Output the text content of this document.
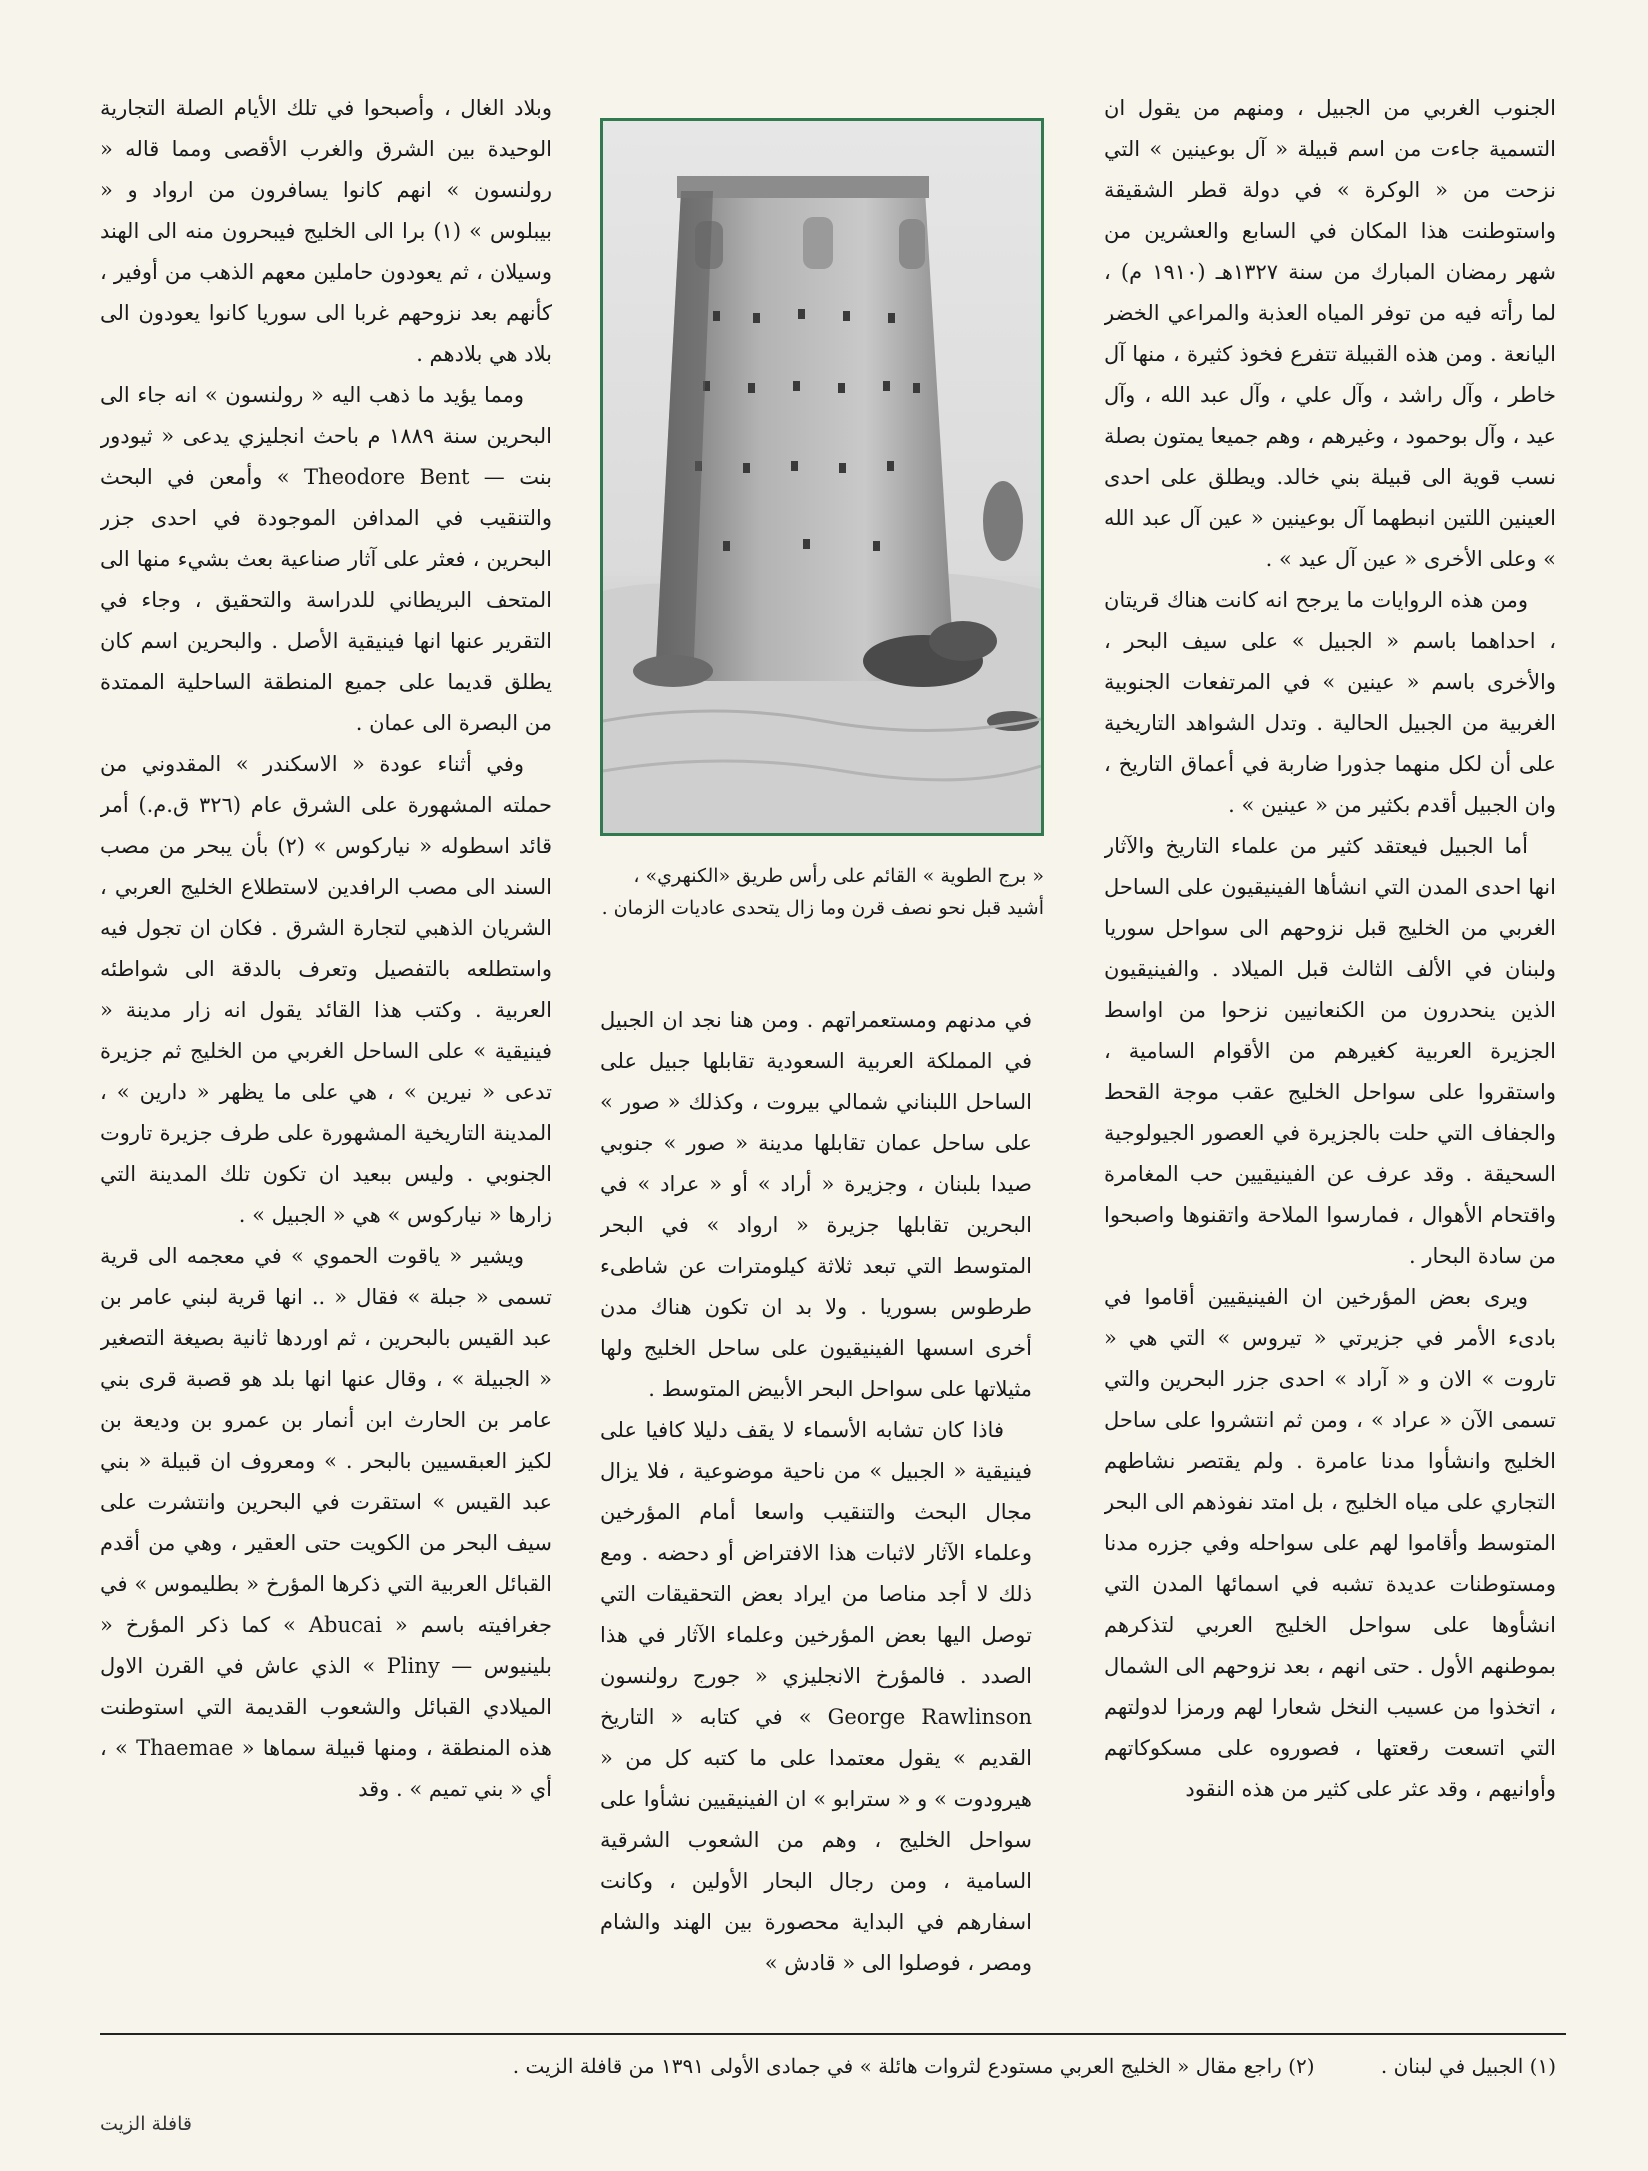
الجنوب الغربي من الجبيل ، ومنهم من يقول ان التسمية جاءت من اسم قبيلة « آل بوعينين » التي نزحت من « الوكرة » في دولة قطر الشقيقة واستوطنت هذا المكان في السابع والعشرين من شهر رمضان المبارك من سنة ١٣٢٧هـ (١٩١٠ م) ، لما رأته فيه من توفر المياه العذبة والمراعي الخضر اليانعة . ومن هذه القبيلة تتفرع فخوذ كثيرة ، منها آل خاطر ، وآل راشد ، وآل علي ، وآل عبد الله ، وآل عيد ، وآل بوحمود ، وغيرهم ، وهم جميعا يمتون بصلة نسب قوية الى قبيلة بني خالد. ويطلق على احدى العينين اللتين انبطهما آل بوعينين « عين آل عبد الله » وعلى الأخرى « عين آل عيد » .

ومن هذه الروايات ما يرجح انه كانت هناك قريتان ، احداهما باسم « الجبيل » على سيف البحر ، والأخرى باسم « عينين » في المرتفعات الجنوبية الغربية من الجبيل الحالية . وتدل الشواهد التاريخية على أن لكل منهما جذورا ضاربة في أعماق التاريخ ، وان الجبيل أقدم بكثير من « عينين » .

أما الجبيل فيعتقد كثير من علماء التاريخ والآثار انها احدى المدن التي انشأها الفينيقيون على الساحل الغربي من الخليج قبل نزوحهم الى سواحل سوريا ولبنان في الألف الثالث قبل الميلاد . والفينيقيون الذين ينحدرون من الكنعانيين نزحوا من اواسط الجزيرة العربية كغيرهم من الأقوام السامية ، واستقروا على سواحل الخليج عقب موجة القحط والجفاف التي حلت بالجزيرة في العصور الجيولوجية السحيقة . وقد عرف عن الفينيقيين حب المغامرة واقتحام الأهوال ، فمارسوا الملاحة واتقنوها واصبحوا من سادة البحار .

ويرى بعض المؤرخين ان الفينيقيين أقاموا في بادىء الأمر في جزيرتي « تيروس » التي هي « تاروت » الان و « آراد » احدى جزر البحرين والتي تسمى الآن « عراد » ، ومن ثم انتشروا على ساحل الخليج وانشأوا مدنا عامرة . ولم يقتصر نشاطهم التجاري على مياه الخليج ، بل امتد نفوذهم الى البحر المتوسط وأقاموا لهم على سواحله وفي جزره مدنا ومستوطنات عديدة تشبه في اسمائها المدن التي انشأوها على سواحل الخليج العربي لتذكرهم بموطنهم الأول . حتى انهم ، بعد نزوحهم الى الشمال ، اتخذوا من عسيب النخل شعارا لهم ورمزا لدولتهم التي اتسعت رقعتها ، فصوروه على مسكوكاتهم وأوانيهم ، وقد عثر على كثير من هذه النقود

« برج الطوية » القائم على رأس طريق «الكنهري» ، أشيد قبل نحو نصف قرن وما زال يتحدى عاديات الزمان .

في مدنهم ومستعمراتهم . ومن هنا نجد ان الجبيل في المملكة العربية السعودية تقابلها جبيل على الساحل اللبناني شمالي بيروت ، وكذلك « صور » على ساحل عمان تقابلها مدينة « صور » جنوبي صيدا بلبنان ، وجزيرة « أراد » أو « عراد » في البحرين تقابلها جزيرة « ارواد » في البحر المتوسط التي تبعد ثلاثة كيلومترات عن شاطىء طرطوس بسوريا . ولا بد ان تكون هناك مدن أخرى اسسها الفينيقيون على ساحل الخليج ولها مثيلاتها على سواحل البحر الأبيض المتوسط .

فاذا كان تشابه الأسماء لا يقف دليلا كافيا على فينيقية « الجبيل » من ناحية موضوعية ، فلا يزال مجال البحث والتنقيب واسعا أمام المؤرخين وعلماء الآثار لاثبات هذا الافتراض أو دحضه . ومع ذلك لا أجد مناصا من ايراد بعض التحقيقات التي توصل اليها بعض المؤرخين وعلماء الآثار في هذا الصدد . فالمؤرخ الانجليزي « جورج رولنسون George Rawlinson » في كتابه « التاريخ القديم » يقول معتمدا على ما كتبه كل من « هيرودوت » و « سترابو » ان الفينيقيين نشأوا على سواحل الخليج ، وهم من الشعوب الشرقية السامية ، ومن رجال البحار الأولين ، وكانت اسفارهم في البداية محصورة بين الهند والشام ومصر ، فوصلوا الى « قادش »

وبلاد الغال ، وأصبحوا في تلك الأيام الصلة التجارية الوحيدة بين الشرق والغرب الأقصى ومما قاله « رولنسون » انهم كانوا يسافرون من ارواد و « بيبلوس » (١) برا الى الخليج فيبحرون منه الى الهند وسيلان ، ثم يعودون حاملين معهم الذهب من أوفير ، كأنهم بعد نزوحهم غربا الى سوريا كانوا يعودون الى بلاد هي بلادهم .

ومما يؤيد ما ذهب اليه « رولنسون » انه جاء الى البحرين سنة ١٨٨٩ م باحث انجليزي يدعى « ثيودور بنت — Theodore Bent » وأمعن في البحث والتنقيب في المدافن الموجودة في احدى جزر البحرين ، فعثر على آثار صناعية بعث بشيء منها الى المتحف البريطاني للدراسة والتحقيق ، وجاء في التقرير عنها انها فينيقية الأصل . والبحرين اسم كان يطلق قديما على جميع المنطقة الساحلية الممتدة من البصرة الى عمان .

وفي أثناء عودة « الاسكندر » المقدوني من حملته المشهورة على الشرق عام (٣٢٦ ق.م.) أمر قائد اسطوله « نياركوس » (٢) بأن يبحر من مصب السند الى مصب الرافدين لاستطلاع الخليج العربي ، الشريان الذهبي لتجارة الشرق . فكان ان تجول فيه واستطلعه بالتفصيل وتعرف بالدقة الى شواطئه العربية . وكتب هذا القائد يقول انه زار مدينة « فينيقية » على الساحل الغربي من الخليج ثم جزيرة تدعى « نيرين » ، هي على ما يظهر « دارين » ، المدينة التاريخية المشهورة على طرف جزيرة تاروت الجنوبي . وليس ببعيد ان تكون تلك المدينة التي زارها « نياركوس » هي « الجبيل » .

ويشير « ياقوت الحموي » في معجمه الى قرية تسمى « جبلة » فقال « .. انها قرية لبني عامر بن عبد القيس بالبحرين ، ثم اوردها ثانية بصيغة التصغير « الجبيلة » ، وقال عنها انها بلد هو قصبة قرى بني عامر بن الحارث ابن أنمار بن عمرو بن وديعة بن لكيز العبقسيين بالبحر . » ومعروف ان قبيلة « بني عبد القيس » استقرت في البحرين وانتشرت على سيف البحر من الكويت حتى العقير ، وهي من أقدم القبائل العربية التي ذكرها المؤرخ « بطليموس » في جغرافيته باسم « Abucai » كما ذكر المؤرخ « بلينيوس — Pliny » الذي عاش في القرن الاول الميلادي القبائل والشعوب القديمة التي استوطنت هذه المنطقة ، ومنها قبيلة سماها « Thaemae » ، أي « بني تميم » . وقد

(١) الجبيل في لبنان . (٢) راجع مقال « الخليج العربي مستودع لثروات هائلة » في جمادى الأولى ١٣٩١ من قافلة الزيت .
قافلة الزيت
